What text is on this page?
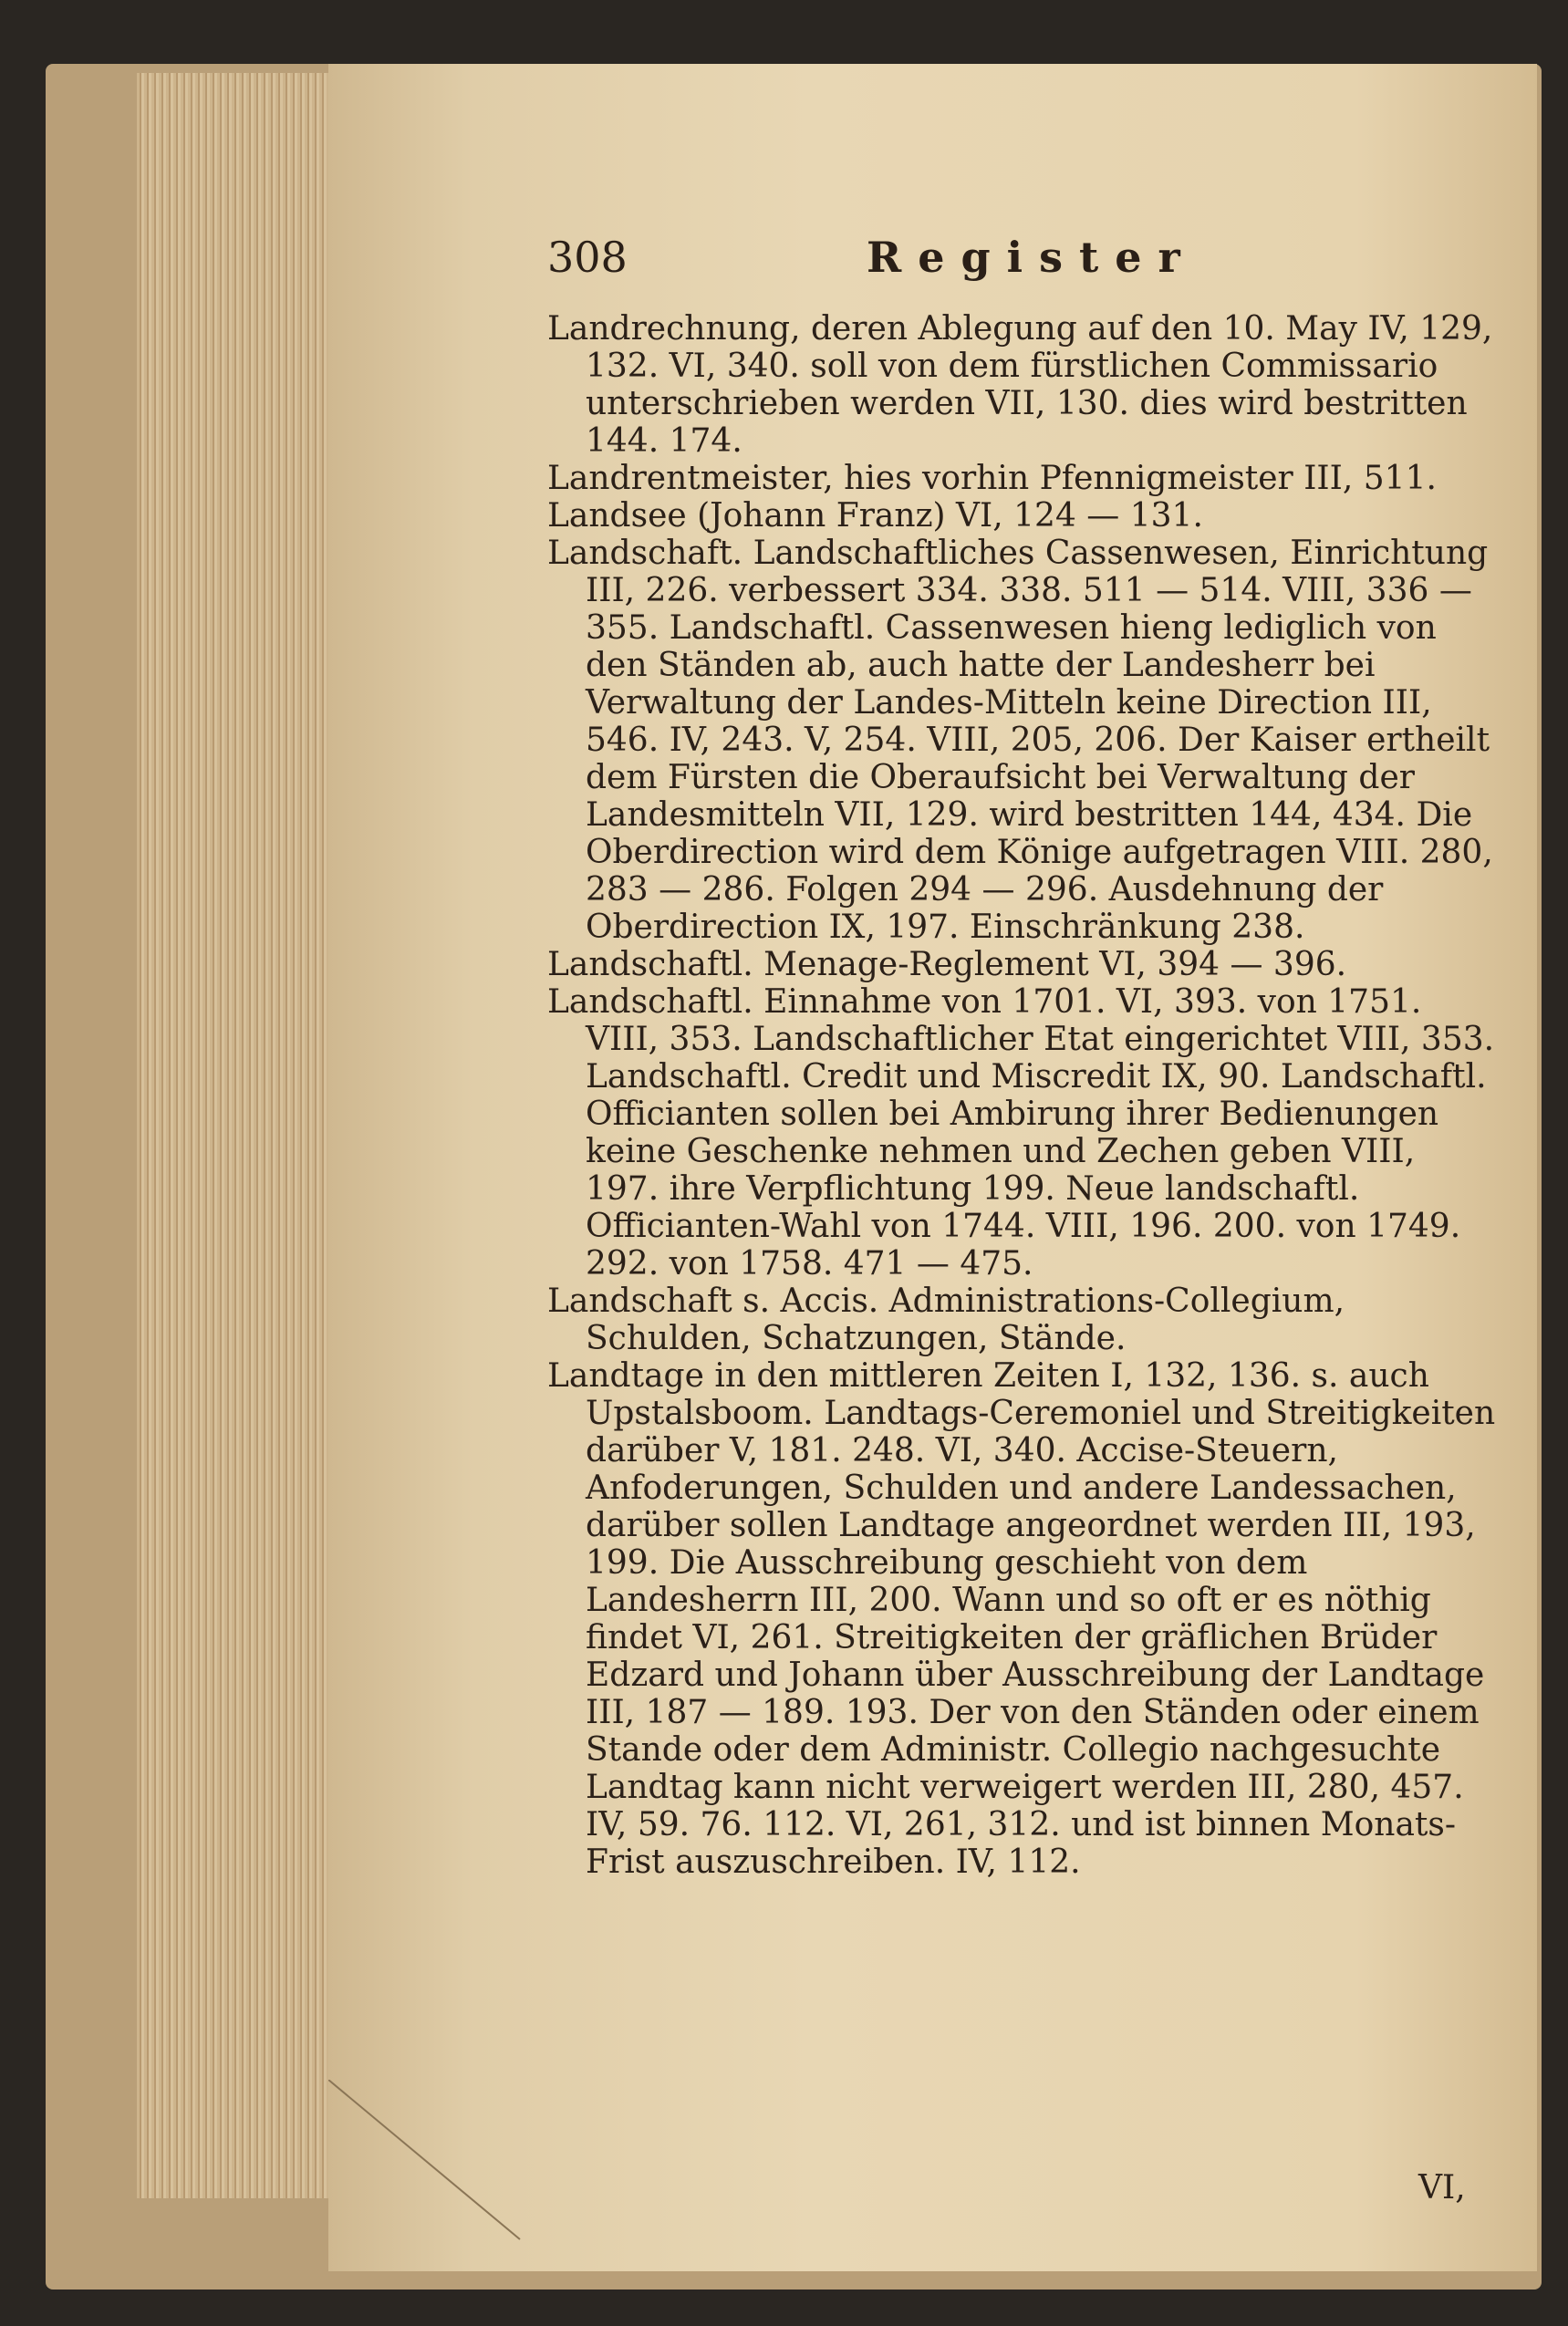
308	Register

Landrechnung, deren Ablegung auf den 10. May IV, 129, 132. VI, 340. soll von dem fürstlichen Commissario unterschrieben werden VII, 130. dies wird bestritten 144. 174.

Landrentmeister, hies vorhin Pfennigmeister III, 511.

Landsee (Johann Franz) VI, 124 — 131.

Landschaft. Landschaftliches Cassenwesen, Einrichtung III, 226. verbessert 334. 338. 511 — 514. VIII, 336 — 355. Landschaftl. Cassenwesen hieng lediglich von den Ständen ab, auch hatte der Landesherr bei Verwaltung der Landes-Mitteln keine Direction III, 546. IV, 243. V, 254. VIII, 205, 206. Der Kaiser ertheilt dem Fürsten die Oberaufsicht bei Verwaltung der Landesmitteln VII, 129. wird bestritten 144, 434. Die Oberdirection wird dem Könige aufgetragen VIII. 280, 283 — 286. Folgen 294 — 296. Ausdehnung der Oberdirection IX, 197. Einschränkung 238.

Landschaftl. Menage-Reglement VI, 394 — 396.

Landschaftl. Einnahme von 1701. VI, 393. von 1751. VIII, 353. Landschaftlicher Etat eingerichtet VIII, 353. Landschaftl. Credit und Miscredit IX, 90. Landschaftl. Officianten sollen bei Ambirung ihrer Bedienungen keine Geschenke nehmen und Zechen geben VIII, 197. ihre Verpflichtung 199. Neue landschaftl. Officianten-Wahl von 1744. VIII, 196. 200. von 1749. 292. von 1758. 471 — 475.

Landschaft s. Accis. Administrations-Collegium, Schulden, Schatzungen, Stände.

Landtage in den mittleren Zeiten I, 132, 136. s. auch Upstalsboom. Landtags-Ceremoniel und Streitigkeiten darüber V, 181. 248. VI, 340. Accise-Steuern, Anfoderungen, Schulden und andere Landessachen, darüber sollen Landtage angeordnet werden III, 193, 199. Die Ausschreibung geschieht von dem Landesherrn III, 200. Wann und so oft er es nöthig findet VI, 261. Streitigkeiten der gräflichen Brüder Edzard und Johann über Ausschreibung der Landtage III, 187 — 189. 193. Der von den Ständen oder einem Stande oder dem Administr. Collegio nachgesuchte Landtag kann nicht verweigert werden III, 280, 457. IV, 59. 76. 112. VI, 261, 312. und ist binnen Monats-Frist auszuschreiben. IV, 112.

VI,
